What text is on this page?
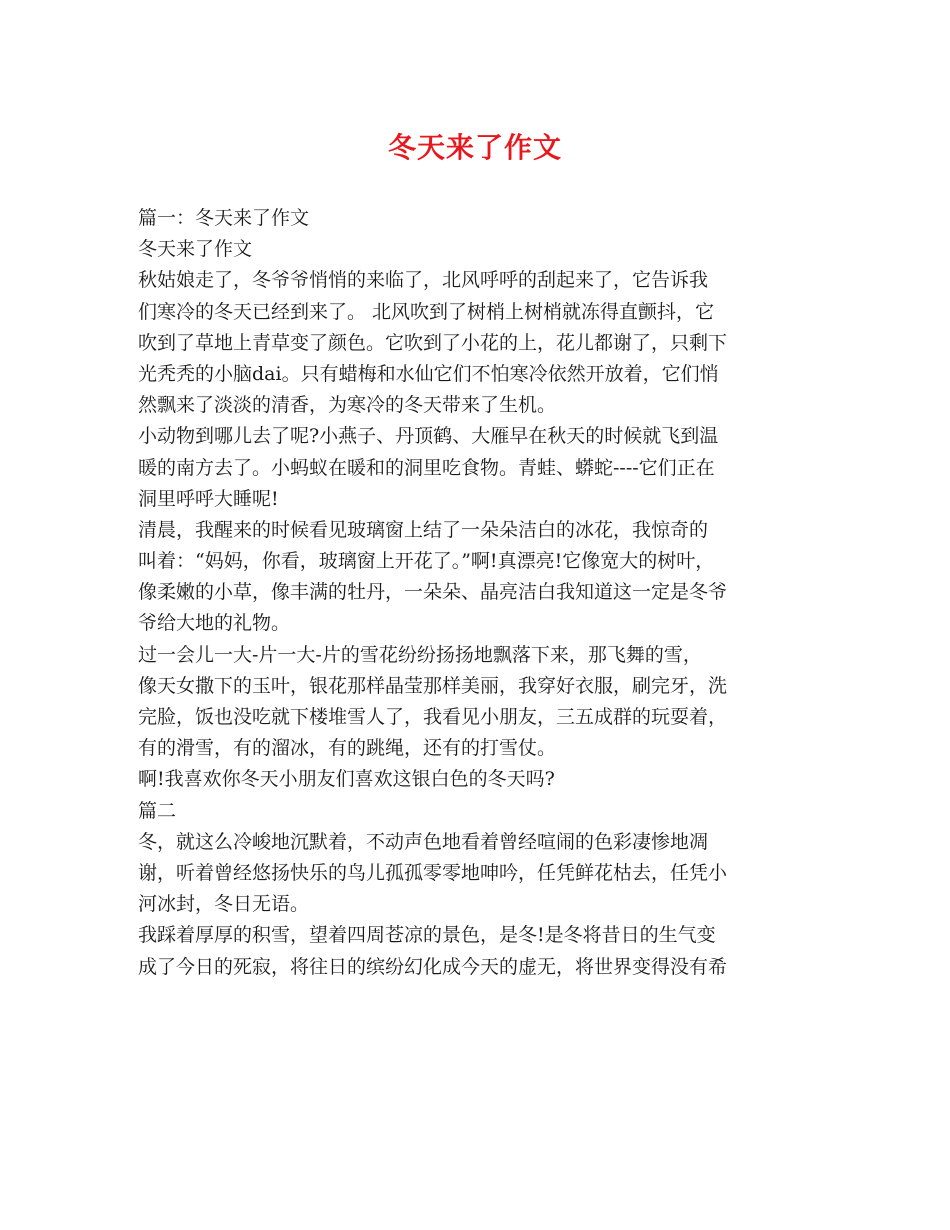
冬天来了作文
篇一：冬天来了作文
冬天来了作文
秋姑娘走了，冬爷爷悄悄的来临了，北风呼呼的刮起来了，它告诉我
们寒冷的冬天已经到来了。 北风吹到了树梢上树梢就冻得直颤抖，它
吹到了草地上青草变了颜色。它吹到了小花的上，花儿都谢了，只剩下
光秃秃的小脑dai。只有蜡梅和水仙它们不怕寒冷依然开放着，它们悄
然飘来了淡淡的清香，为寒冷的冬天带来了生机。
小动物到哪儿去了呢?小燕子、丹顶鹤、大雁早在秋天的时候就飞到温
暖的南方去了。小蚂蚁在暖和的洞里吃食物。青蛙、蟒蛇----它们正在
洞里呼呼大睡呢!
清晨，我醒来的时候看见玻璃窗上结了一朵朵洁白的冰花，我惊奇的
叫着：“妈妈，你看，玻璃窗上开花了。”啊!真漂亮!它像宽大的树叶，
像柔嫩的小草，像丰满的牡丹，一朵朵、晶亮洁白我知道这一定是冬爷
爷给大地的礼物。
过一会儿一大-片一大-片的雪花纷纷扬扬地飘落下来，那飞舞的雪，
像天女撒下的玉叶，银花那样晶莹那样美丽，我穿好衣服，刷完牙，洗
完脸，饭也没吃就下楼堆雪人了，我看见小朋友，三五成群的玩耍着，
有的滑雪，有的溜冰，有的跳绳，还有的打雪仗。
啊!我喜欢你冬天小朋友们喜欢这银白色的冬天吗?
篇二
冬，就这么冷峻地沉默着，不动声色地看着曾经喧闹的色彩凄惨地凋
谢，听着曾经悠扬快乐的鸟儿孤孤零零地呻吟，任凭鲜花枯去，任凭小
河冰封，冬日无语。
我踩着厚厚的积雪，望着四周苍凉的景色，是冬!是冬将昔日的生气变
成了今日的死寂，将往日的缤纷幻化成今天的虚无，将世界变得没有希
